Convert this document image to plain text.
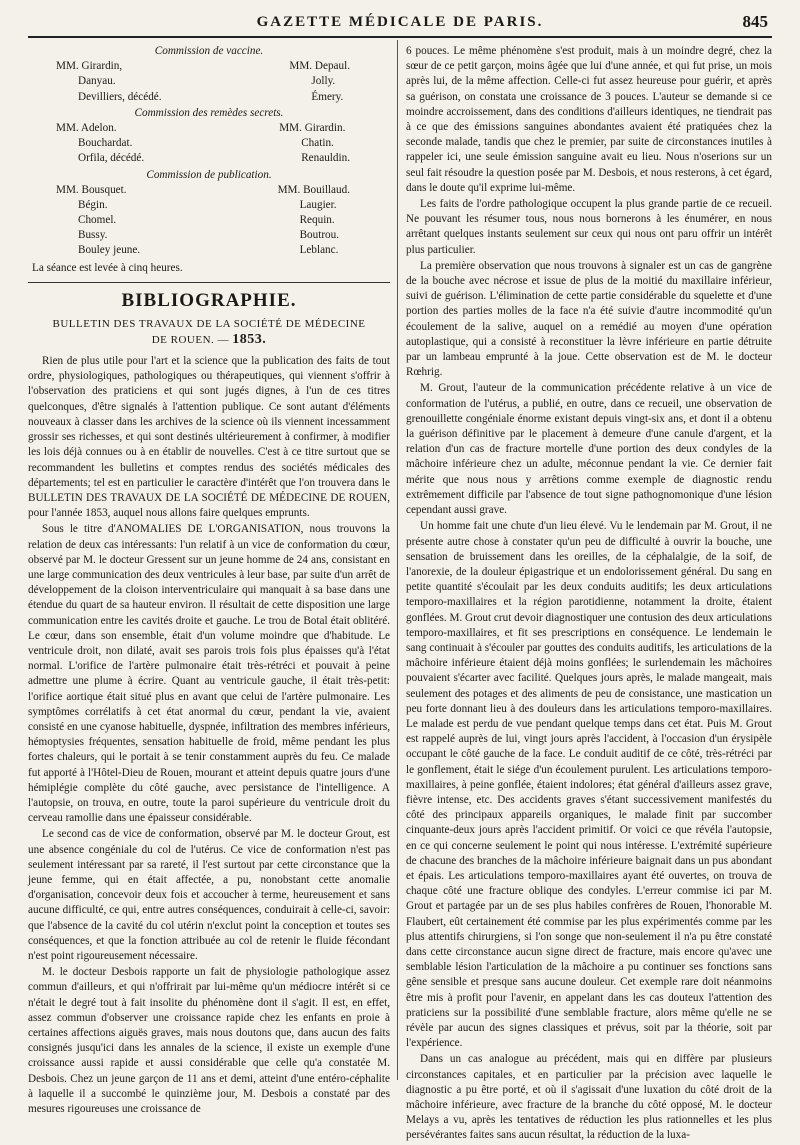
GAZETTE MÉDICALE DE PARIS.	845
Commission de vaccine.
MM. Girardin,
Danyau.
Devilliers, décédé.
MM. Depaul.
Jolly.
Émery.
Commission des remèdes secrets.
MM. Adelon.
Bouchardat.
Orfila, décédé.
MM. Girardin.
Chatin.
Renauldin.
Commission de publication.
MM. Bousquet.
Bégin.
Chomel.
Bussy.
Bouley jeune.
MM. Bouillaud.
Laugier.
Requin.
Boutrou.
Leblanc.
La séance est levée à cinq heures.
BIBLIOGRAPHIE.
BULLETIN DES TRAVAUX DE LA SOCIÉTÉ DE MÉDECINE
DE ROUEN. — 1853.

Rien de plus utile pour l'art et la science que la publication des faits de tout ordre, physiologiques, pathologiques ou thérapeutiques, qui viennent s'offrir à l'observation des praticiens et qui sont jugés dignes, à l'un de ces titres quelconques, d'être signalés à l'attention publique. Ce sont autant d'éléments nouveaux à classer dans les archives de la science où ils viennent incessamment grossir ses richesses, et qui sont destinés ultérieurement à confirmer, à modifier les lois déjà connues ou à en établir de nouvelles. C'est à ce titre surtout que se recommandent les bulletins et comptes rendus des sociétés médicales des départements; tel est en particulier le caractère d'intérêt que l'on trouvera dans le BULLETIN DES TRAVAUX DE LA SOCIÉTÉ DE MÉDECINE DE ROUEN, pour l'année 1853, auquel nous allons faire quelques emprunts.

Sous le titre d'ANOMALIES DE L'ORGANISATION, nous trouvons la relation de deux cas intéressants: l'un relatif à un vice de conformation du cœur, observé par M. le docteur Gressent sur un jeune homme de 24 ans, consistant en une large communication des deux ventricules à leur base, par suite d'un arrêt de développement de la cloison interventriculaire qui manquait à sa base dans une étendue du quart de sa hauteur environ. Il résultait de cette disposition une large communication entre les cavités droite et gauche. Le trou de Botal était oblitéré. Le cœur, dans son ensemble, était d'un volume moindre que d'habitude. Le ventricule droit, non dilaté, avait ses parois trois fois plus épaisses qu'à l'état normal. L'orifice de l'artère pulmonaire était très-rétréci et pouvait à peine admettre une plume à écrire. Quant au ventricule gauche, il était très-petit: l'orifice aortique était situé plus en avant que celui de l'artère pulmonaire. Les symptômes corrélatifs à cet état anormal du cœur, pendant la vie, avaient consisté en une cyanose habituelle, dyspnée, infiltration des membres inférieurs, hémoptysies fréquentes, sensation habituelle de froid, même pendant les plus fortes chaleurs, qui le portait à se tenir constamment auprès du feu. Ce malade fut apporté à l'Hôtel-Dieu de Rouen, mourant et atteint depuis quatre jours d'une hémiplégie complète du côté gauche, avec persistance de l'intelligence. A l'autopsie, on trouva, en outre, toute la paroi supérieure du ventricule droit du cerveau ramollie dans une épaisseur considérable.

Le second cas de vice de conformation, observé par M. le docteur Grout, est une absence congéniale du col de l'utérus. Ce vice de conformation n'est pas seulement intéressant par sa rareté, il l'est surtout par cette circonstance que la jeune femme, qui en était affectée, a pu, nonobstant cette anomalie d'organisation, concevoir deux fois et accoucher à terme, heureusement et sans aucune difficulté, ce qui, entre autres conséquences, conduirait à celle-ci, savoir: que l'absence de la cavité du col utérin n'exclut point la conception et toutes ses conséquences, et que la fonction attribuée au col de retenir le fluide fécondant n'est point rigoureusement nécessaire.

M. le docteur Desbois rapporte un fait de physiologie pathologique assez commun d'ailleurs, et qui n'offrirait par lui-même qu'un médiocre intérêt si ce n'était le degré tout à fait insolite du phénomène dont il s'agit. Il est, en effet, assez commun d'observer une croissance rapide chez les enfants en proie à certaines affections aiguës graves, mais nous doutons que, dans aucun des faits consignés jusqu'ici dans les annales de la science, il existe un exemple d'une croissance aussi rapide et aussi considérable que celle qu'a constatée M. Desbois. Chez un jeune garçon de 11 ans et demi, atteint d'une entéro-céphalite à laquelle il a succombé le quinzième jour, M. Desbois a constaté par des mesures rigoureuses une croissance de

6 pouces. Le même phénomène s'est produit, mais à un moindre degré, chez la sœur de ce petit garçon, moins âgée que lui d'une année, et qui fut prise, un mois après lui, de la même affection. Celle-ci fut assez heureuse pour guérir, et après sa guérison, on constata une croissance de 3 pouces. L'auteur se demande si ce moindre accroissement, dans des conditions d'ailleurs identiques, ne tiendrait pas à ce que des émissions sanguines abondantes avaient été pratiquées chez la seconde malade, tandis que chez le premier, par suite de circonstances inutiles à rappeler ici, une seule émission sanguine avait eu lieu. Nous n'oserions sur un seul fait résoudre la question posée par M. Desbois, et nous resterons, à cet égard, dans le doute qu'il exprime lui-même.

Les faits de l'ordre pathologique occupent la plus grande partie de ce recueil. Ne pouvant les résumer tous, nous nous bornerons à les énumérer, en nous arrêtant quelques instants seulement sur ceux qui nous ont paru offrir un intérêt plus particulier.

La première observation que nous trouvons à signaler est un cas de gangrène de la bouche avec nécrose et issue de plus de la moitié du maxillaire inférieur, suivi de guérison. L'élimination de cette partie considérable du squelette et d'une portion des parties molles de la face n'a été suivie d'autre incommodité qu'un écoulement de la salive, auquel on a remédié au moyen d'une opération autoplastique, qui a consisté à reconstituer la lèvre inférieure en partie détruite par un lambeau emprunté à la joue. Cette observation est de M. le docteur Rœhrig.

M. Grout, l'auteur de la communication précédente relative à un vice de conformation de l'utérus, a publié, en outre, dans ce recueil, une observation de grenouillette congéniale énorme existant depuis vingt-six ans, et dont il a obtenu la guérison définitive par le placement à demeure d'une canule d'argent, et la relation d'un cas de fracture mortelle d'une portion des deux condyles de la mâchoire inférieure chez un adulte, méconnue pendant la vie. Ce dernier fait mérite que nous nous y arrêtions comme exemple de diagnostic rendu extrêmement difficile par l'absence de tout signe pathognomonique d'une lésion cependant aussi grave.

Un homme fait une chute d'un lieu élevé. Vu le lendemain par M. Grout, il ne présente autre chose à constater qu'un peu de difficulté à ouvrir la bouche, une sensation de bruissement dans les oreilles, de la céphalalgie, de la soif, de l'anorexie, de la douleur épigastrique et un endolorissement général. Du sang en petite quantité s'écoulait par les deux conduits auditifs; les deux articulations temporo-maxillaires et la région parotidienne, notamment la droite, étaient gonflées. M. Grout crut devoir diagnostiquer une contusion des deux articulations temporo-maxillaires, et fit ses prescriptions en conséquence. Le lendemain le sang continuait à s'écouler par gouttes des conduits auditifs, les articulations de la mâchoire inférieure étaient déjà moins gonflées; le surlendemain les mâchoires pouvaient s'écarter avec facilité. Quelques jours après, le malade mangeait, mais seulement des potages et des aliments de peu de consistance, une mastication un peu forte donnant lieu à des douleurs dans les articulations temporo-maxillaires. Le malade est perdu de vue pendant quelque temps dans cet état. Puis M. Grout est rappelé auprès de lui, vingt jours après l'accident, à l'occasion d'un érysipèle occupant le côté gauche de la face. Le conduit auditif de ce côté, très-rétréci par le gonflement, était le siége d'un écoulement purulent. Les articulations temporo-maxillaires, à peine gonflée, étaient indolores; état général d'ailleurs assez grave, fièvre intense, etc. Des accidents graves s'étant successivement manifestés du côté des principaux appareils organiques, le malade finit par succomber cinquante-deux jours après l'accident primitif. Or voici ce que révéla l'autopsie, en ce qui concerne seulement le point qui nous intéresse. L'extrémité supérieure de chacune des branches de la mâchoire inférieure baignait dans un pus abondant et épais. Les articulations temporo-maxillaires ayant été ouvertes, on trouva de chaque côté une fracture oblique des condyles. L'erreur commise ici par M. Grout et partagée par un de ses plus habiles confrères de Rouen, l'honorable M. Flaubert, eût certainement été commise par les plus expérimentés comme par les plus attentifs chirurgiens, si l'on songe que non-seulement il n'a pu être constaté dans cette circonstance aucun signe direct de fracture, mais encore qu'avec une semblable lésion l'articulation de la mâchoire a pu continuer ses fonctions sans gêne sensible et presque sans aucune douleur. Cet exemple rare doit néanmoins être mis à profit pour l'avenir, en appelant dans les cas douteux l'attention des praticiens sur la possibilité d'une semblable fracture, alors même qu'elle ne se révèle par aucun des signes classiques et prévus, soit par la théorie, soit par l'expérience.

Dans un cas analogue au précédent, mais qui en diffère par plusieurs circonstances capitales, et en particulier par la précision avec laquelle le diagnostic a pu être porté, et où il s'agissait d'une luxation du côté droit de la mâchoire inférieure, avec fracture de la branche du côté opposé, M. le docteur Melays a vu, après les tentatives de réduction les plus rationnelles et les plus persévérantes faites sans aucun résultat, la réduction de la luxa-
